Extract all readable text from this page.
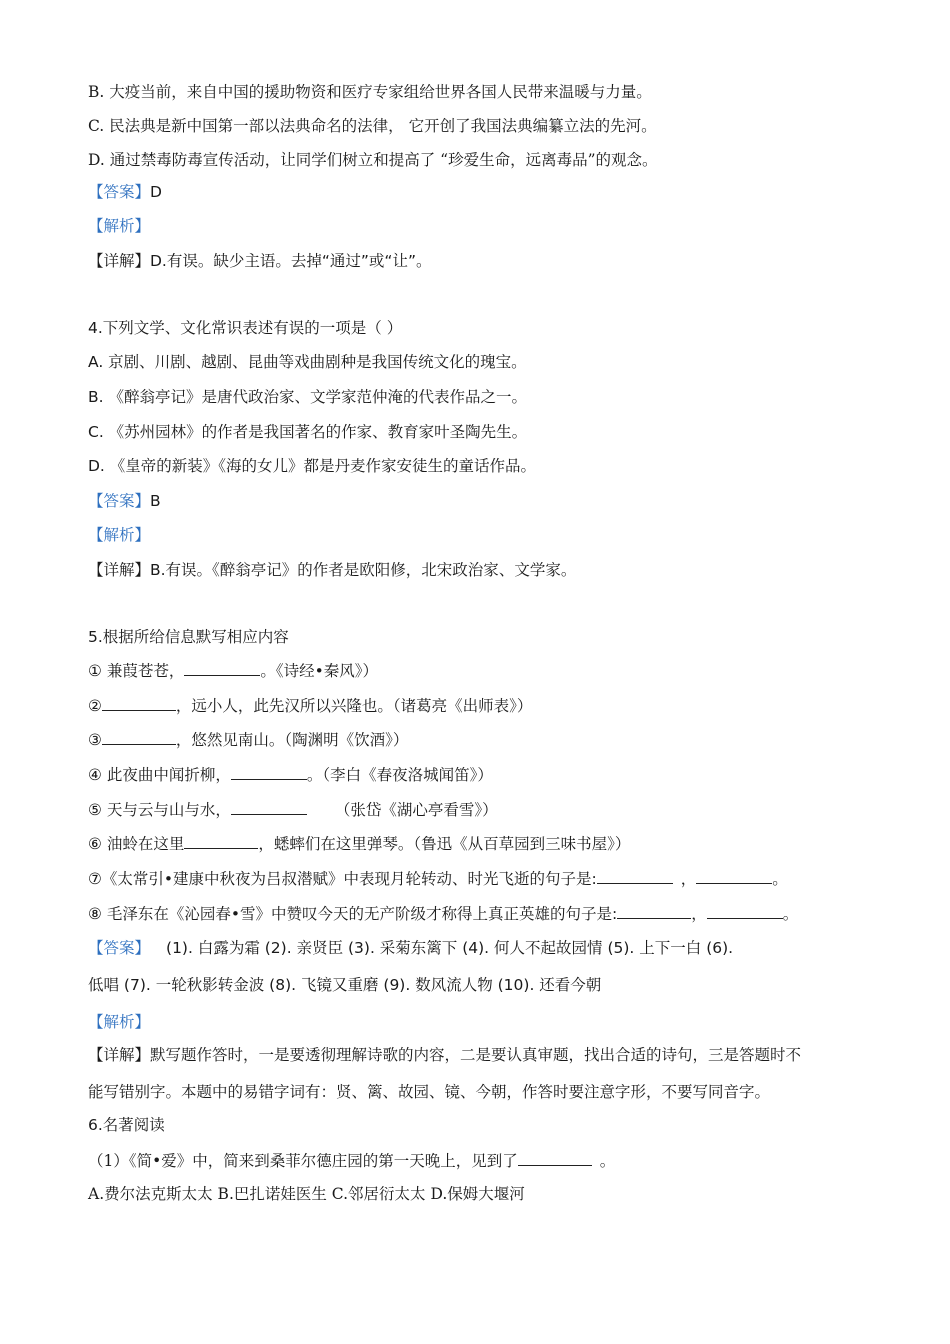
B. 大疫当前，来自中国的援助物资和医疗专家组给世界各国人民带来温暖与力量。
C. 民法典是新中国第一部以法典命名的法律， 它开创了我国法典编纂立法的先河。
D. 通过禁毒防毒宣传活动，让同学们树立和提高了 “珍爱生命，远离毒品”的观念。
【答案】D
【解析】
【详解】D.有误。缺少主语。去掉“通过”或“让”。
4.下列文学、文化常识表述有误的一项是（ ）
A. 京剧、川剧、越剧、昆曲等戏曲剧种是我国传统文化的瑰宝。
B. 《醉翁亭记》是唐代政治家、文学家范仲淹的代表作品之一。
C. 《苏州园林》的作者是我国著名的作家、教育家叶圣陶先生。
D. 《皇帝的新装》《海的女儿》都是丹麦作家安徒生的童话作品。
【答案】B
【解析】
【详解】B.有误。《醉翁亭记》的作者是欧阳修，北宋政治家、文学家。
5.根据所给信息默写相应内容
① 兼葭苍苍，	。《诗经•秦风》）
②	，远小人，此先汉所以兴隆也。（诸葛亮《出师表》）
③	，悠然见南山。（陶渊明《饮酒》）
④ 此夜曲中闻折柳，	。（李白《春夜洛城闻笛》）
⑤ 天与云与山与水，	（张岱《湖心亭看雪》）
⑥ 油蛉在这里	，蟋蟀们在这里弹琴。（鲁迅《从百草园到三味书屋》）
⑦《太常引•建康中秋夜为吕叔潜赋》中表现月轮转动、时光飞逝的句子是:	，	。
⑧ 毛泽东在《沁园春•雪》中赞叹今天的无产阶级才称得上真正英雄的句子是:	，	。
【答案】 (1). 白露为霜 (2). 亲贤臣 (3). 采菊东篱下 (4). 何人不起故园情 (5). 上下一白 (6).
低唱 (7). 一轮秋影转金波 (8). 飞镜又重磨 (9). 数风流人物 (10). 还看今朝
【解析】
【详解】默写题作答时，一是要透彻理解诗歌的内容，二是要认真审题，找出合适的诗句，三是答题时不
能写错别字。本题中的易错字词有：贤、篱、故园、镜、今朝，作答时要注意字形，不要写同音字。
6.名著阅读
（1）《简•爱》中，简来到桑菲尔德庄园的第一天晚上，见到了	。
A.费尔法克斯太太 B.巴扎诺娃医生 C.邻居衍太太 D.保姆大堰河
